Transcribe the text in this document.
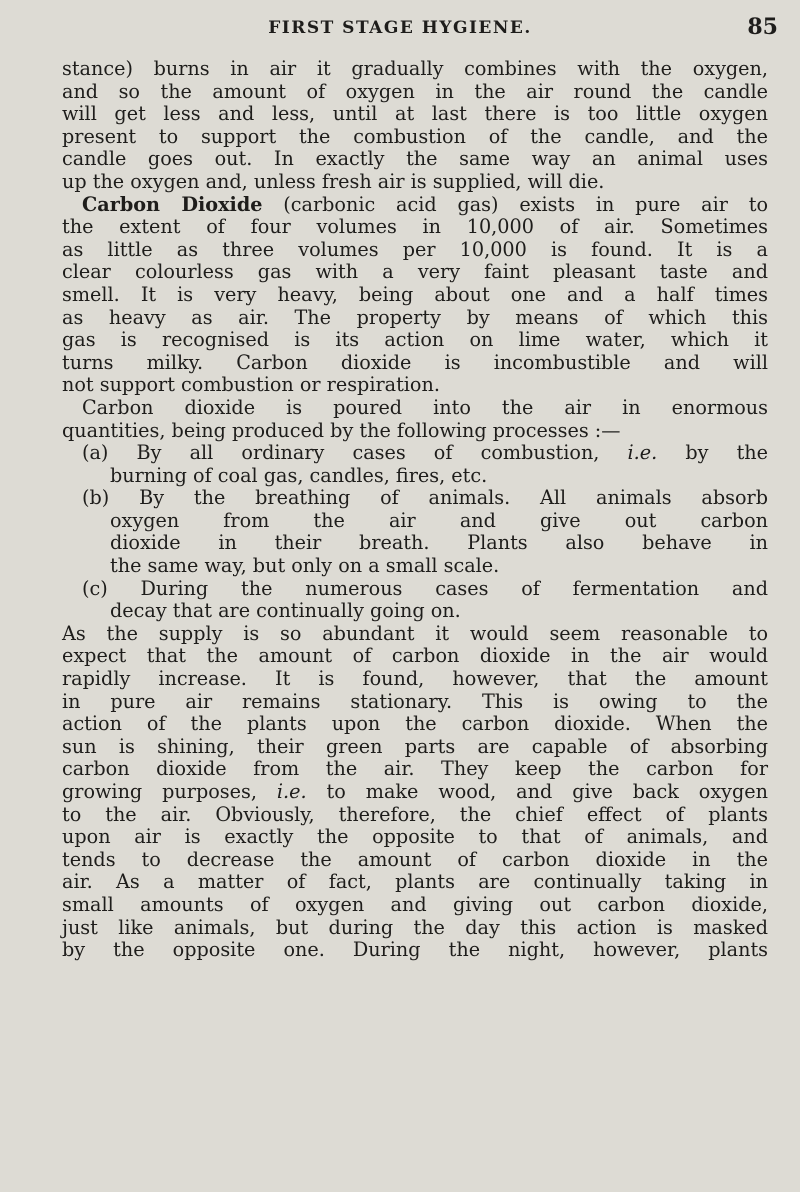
FIRST STAGE HYGIENE.	85
stance) burns in air it gradually combines with the oxygen,
and so the amount of oxygen in the air round the candle
will get less and less, until at last there is too little oxygen
present to support the combustion of the candle, and the
candle goes out. In exactly the same way an animal uses
up the oxygen and, unless fresh air is supplied, will die.
Carbon Dioxide (carbonic acid gas) exists in pure air to
the extent of four volumes in 10,000 of air. Sometimes
as little as three volumes per 10,000 is found. It is a
clear colourless gas with a very faint pleasant taste and
smell. It is very heavy, being about one and a half times
as heavy as air. The property by means of which this
gas is recognised is its action on lime water, which it
turns milky. Carbon dioxide is incombustible and will
not support combustion or respiration.
Carbon dioxide is poured into the air in enormous
quantities, being produced by the following processes :—
(a) By all ordinary cases of combustion, i.e. by the
burning of coal gas, candles, fires, etc.
(b) By the breathing of animals. All animals absorb
oxygen from the air and give out carbon
dioxide in their breath. Plants also behave in
the same way, but only on a small scale.
(c) During the numerous cases of fermentation and
decay that are continually going on.
As the supply is so abundant it would seem reasonable to
expect that the amount of carbon dioxide in the air would
rapidly increase. It is found, however, that the amount
in pure air remains stationary. This is owing to the
action of the plants upon the carbon dioxide. When the
sun is shining, their green parts are capable of absorbing
carbon dioxide from the air. They keep the carbon for
growing purposes, i.e. to make wood, and give back oxygen
to the air. Obviously, therefore, the chief effect of plants
upon air is exactly the opposite to that of animals, and
tends to decrease the amount of carbon dioxide in the
air. As a matter of fact, plants are continually taking in
small amounts of oxygen and giving out carbon dioxide,
just like animals, but during the day this action is masked
by the opposite one. During the night, however, plants
